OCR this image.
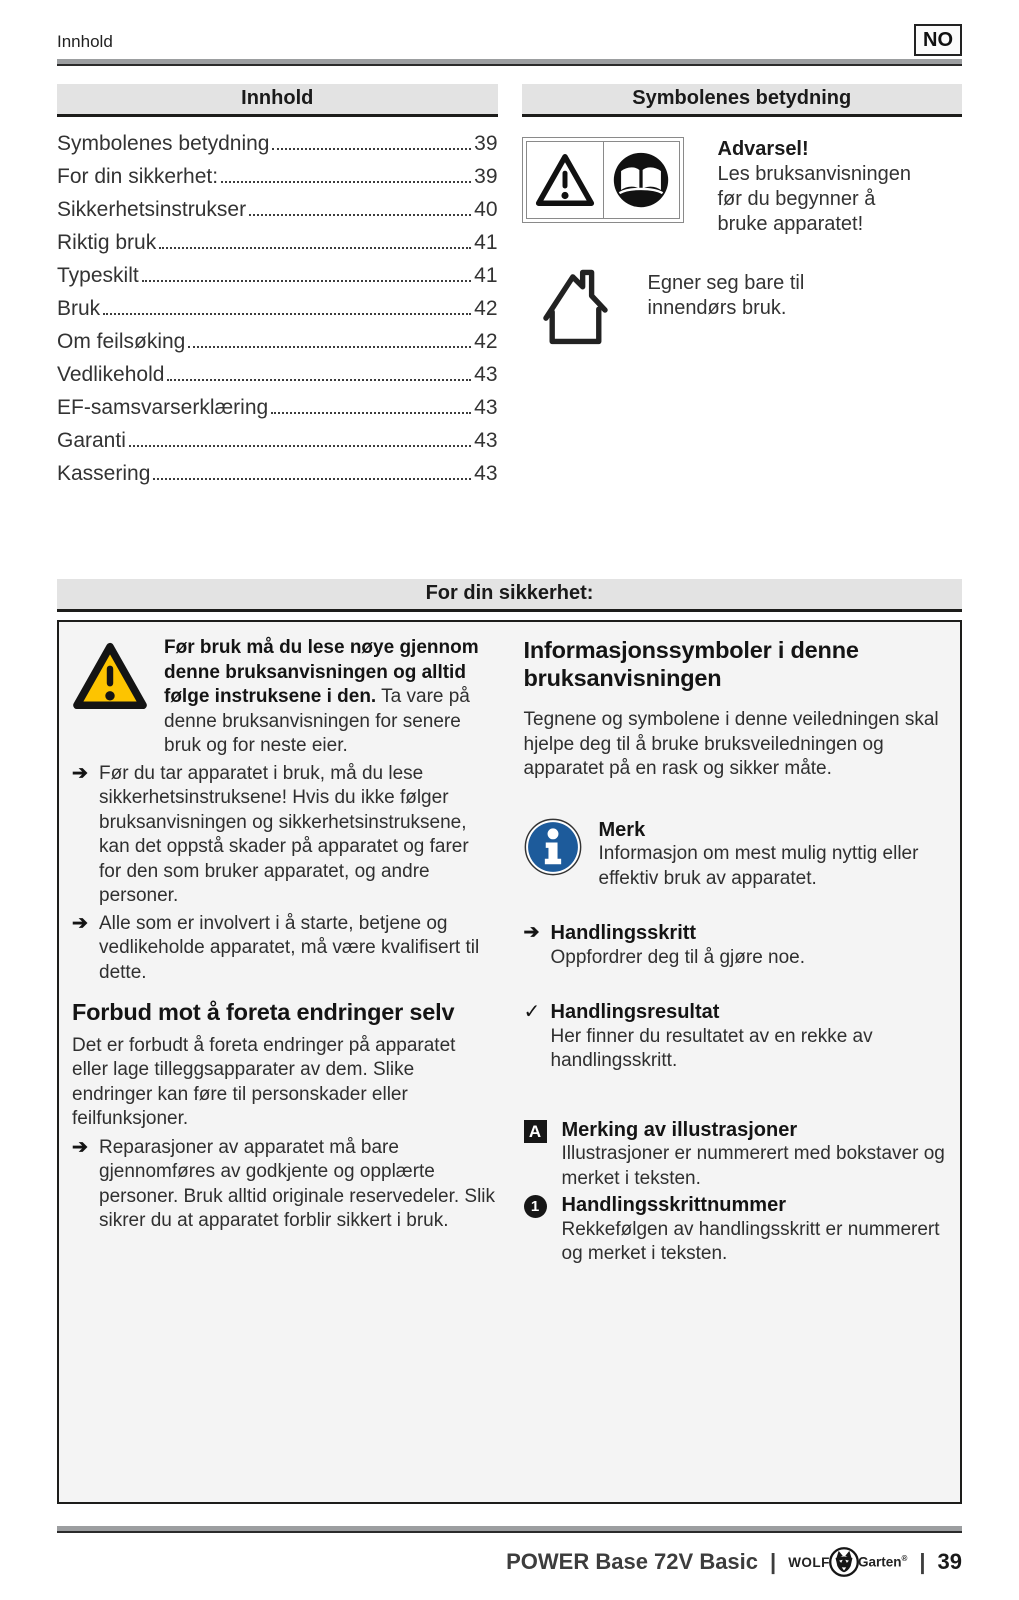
Innhold	NO
Innhold
Symbolenes betydning	39
For din sikkerhet:	39
Sikkerhetsinstrukser	40
Riktig bruk	41
Typeskilt	41
Bruk	42
Om feilsøking	42
Vedlikehold	43
EF-samsvarserklæring	43
Garanti	43
Kassering	43
Symbolenes betydning
Advarsel!
Les bruksanvisningen
før du begynner å
bruke apparatet!
Egner seg bare til
innendørs bruk.
For din sikkerhet:
Før bruk må du lese nøye gjennom denne bruksanvisningen og alltid følge instruksene i den. Ta vare på denne bruksanvisningen for senere bruk og for neste eier.
➔ Før du tar apparatet i bruk, må du lese sikkerhetsinstruksene! Hvis du ikke følger bruksanvisningen og sikkerhetsinstruksene, kan det oppstå skader på apparatet og farer for den som bruker apparatet, og andre personer.
➔ Alle som er involvert i å starte, betjene og vedlikeholde apparatet, må være kvalifisert til dette.
Forbud mot å foreta endringer selv
Det er forbudt å foreta endringer på apparatet eller lage tilleggsapparater av dem. Slike endringer kan føre til personskader eller feilfunksjoner.
➔ Reparasjoner av apparatet må bare gjennomføres av godkjente og opplærte personer. Bruk alltid originale reservedeler. Slik sikrer du at apparatet forblir sikkert i bruk.
Informasjonssymboler i denne bruksanvisningen
Tegnene og symbolene i denne veiledningen skal hjelpe deg til å bruke bruksveiledningen og apparatet på en rask og sikker måte.
Merk
Informasjon om mest mulig nyttig eller effektiv bruk av apparatet.
➔ Handlingsskritt
Oppfordrer deg til å gjøre noe.
✓ Handlingsresultat
Her finner du resultatet av en rekke av handlingsskritt.
A Merking av illustrasjoner
Illustrasjoner er nummerert med bokstaver og merket i teksten.
1	Handlingsskrittnummer
Rekkefølgen av handlingsskritt er nummerert og merket i teksten.
POWER Base 72V Basic | WOLF Garten® | 39
